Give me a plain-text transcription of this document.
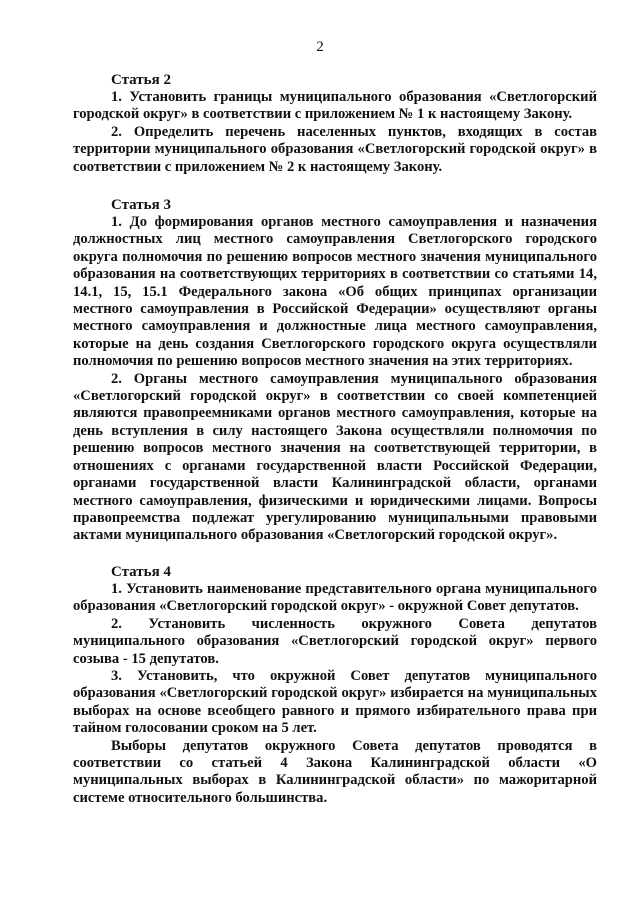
2

Статья 2

1. Установить границы муниципального образования «Светлогорский городской округ» в соответствии с приложением № 1 к настоящему Закону.

2. Определить перечень населенных пунктов, входящих в состав территории муниципального образования «Светлогорский городской округ» в соответствии с приложением № 2 к настоящему Закону.

Статья 3

1. До формирования органов местного самоуправления и назначения должностных лиц местного самоуправления Светлогорского городского округа полномочия по решению вопросов местного значения муниципального образования на соответствующих территориях в соответствии со статьями 14, 14.1, 15, 15.1 Федерального закона «Об общих принципах организации местного самоуправления в Российской Федерации» осуществляют органы местного самоуправления и должностные лица местного самоуправления, которые на день создания Светлогорского городского округа осуществляли полномочия по решению вопросов местного значения на этих территориях.

2. Органы местного самоуправления муниципального образования «Светлогорский городской округ» в соответствии со своей компетенцией являются правопреемниками органов местного самоуправления, которые на день вступления в силу настоящего Закона осуществляли полномочия по решению вопросов местного значения на соответствующей территории, в отношениях с органами государственной власти Российской Федерации, органами государственной власти Калининградской области, органами местного самоуправления, физическими и юридическими лицами. Вопросы правопреемства подлежат урегулированию муниципальными правовыми актами муниципального образования «Светлогорский городской округ».

Статья 4

1. Установить наименование представительного органа муниципального образования «Светлогорский городской округ» - окружной Совет депутатов.

2. Установить численность окружного Совета депутатов муниципального образования «Светлогорский городской округ» первого созыва - 15 депутатов.

3. Установить, что окружной Совет депутатов муниципального образования «Светлогорский городской округ» избирается на муниципальных выборах на основе всеобщего равного и прямого избирательного права при тайном голосовании сроком на 5 лет.

Выборы депутатов окружного Совета депутатов проводятся в соответствии со статьей 4 Закона Калининградской области «О муниципальных выборах в Калининградской области» по мажоритарной системе относительного большинства.
